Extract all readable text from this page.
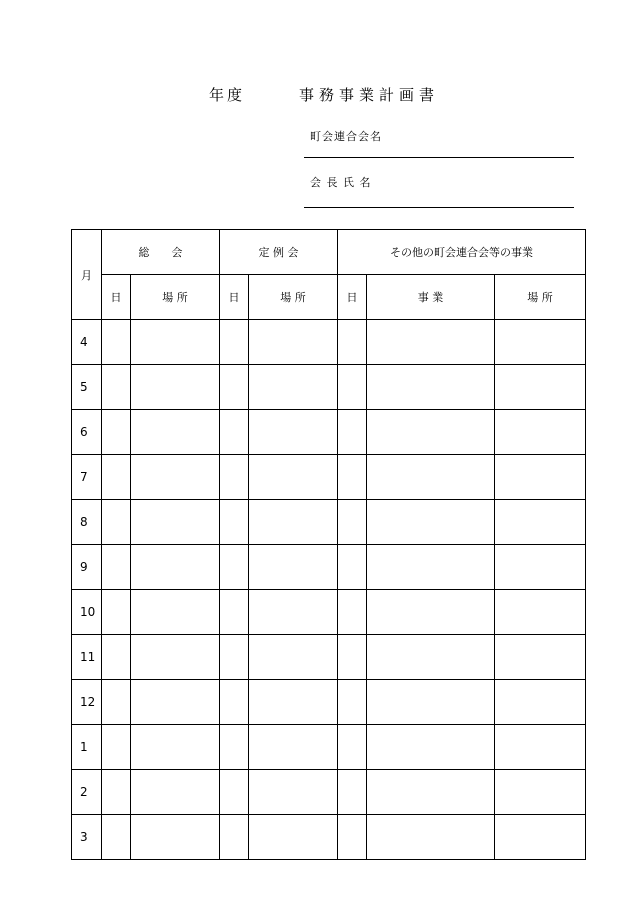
年度	事務事業計画書
町会連合会名
会 長 氏 名
月	総　　会		定 例 会		その他の町会連合会等の事業		
	日	場 所	日	場 所	日	事 業	場 所
4							
5							
6							
7							
8							
9							
10							
11							
12							
1							
2							
3							
